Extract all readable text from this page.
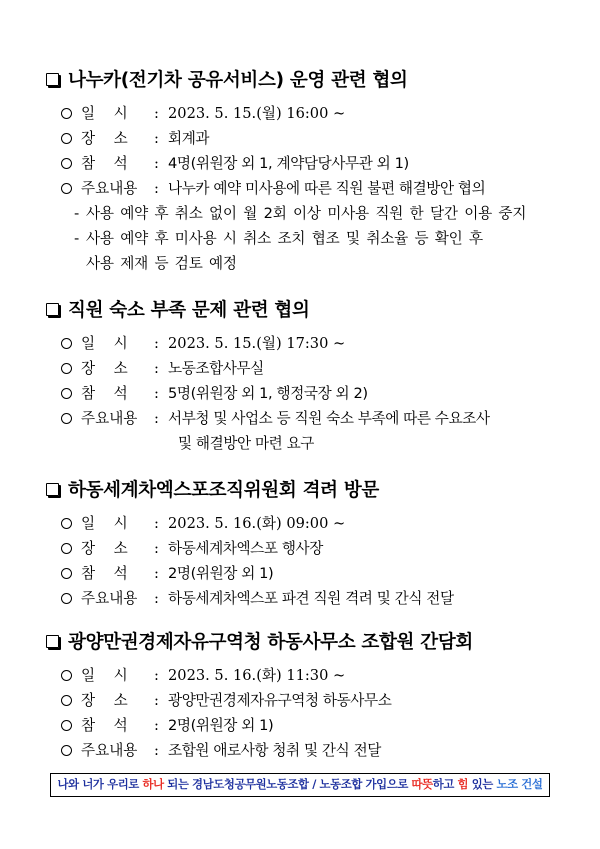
나누카(전기차 공유서비스) 운영 관련 협의
일    시 : 2023. 5. 15.(월) 16:00 ~
장    소 : 회계과
참    석 : 4명(위원장 외 1, 계약담당사무관 외 1)
주요내용 : 나누카 예약 미사용에 따른 직원 불편 해결방안 협의
- 사용 예약 후 취소 없이 월 2회 이상 미사용 직원 한 달간 이용 중지
- 사용 예약 후 미사용 시 취소 조치 협조 및 취소율 등 확인 후
사용 제재 등 검토 예정
직원 숙소 부족 문제 관련 협의
일    시 : 2023. 5. 15.(월) 17:30 ~
장    소 : 노동조합사무실
참    석 : 5명(위원장 외 1, 행정국장 외 2)
주요내용 : 서부청 및 사업소 등 직원 숙소 부족에 따른 수요조사
및 해결방안 마련 요구
하동세계차엑스포조직위원회 격려 방문
일    시 : 2023. 5. 16.(화) 09:00 ~
장    소 : 하동세계차엑스포 행사장
참    석 : 2명(위원장 외 1)
주요내용 : 하동세계차엑스포 파견 직원 격려 및 간식 전달
광양만권경제자유구역청 하동사무소 조합원 간담회
일    시 : 2023. 5. 16.(화) 11:30 ~
장    소 : 광양만권경제자유구역청 하동사무소
참    석 : 2명(위원장 외 1)
주요내용 : 조합원 애로사항 청취 및 간식 전달
나와 너가 우리로 하나 되는 경남도청공무원노동조합 / 노동조합 가입으로 따뜻하고 힘 있는 노조 건설
